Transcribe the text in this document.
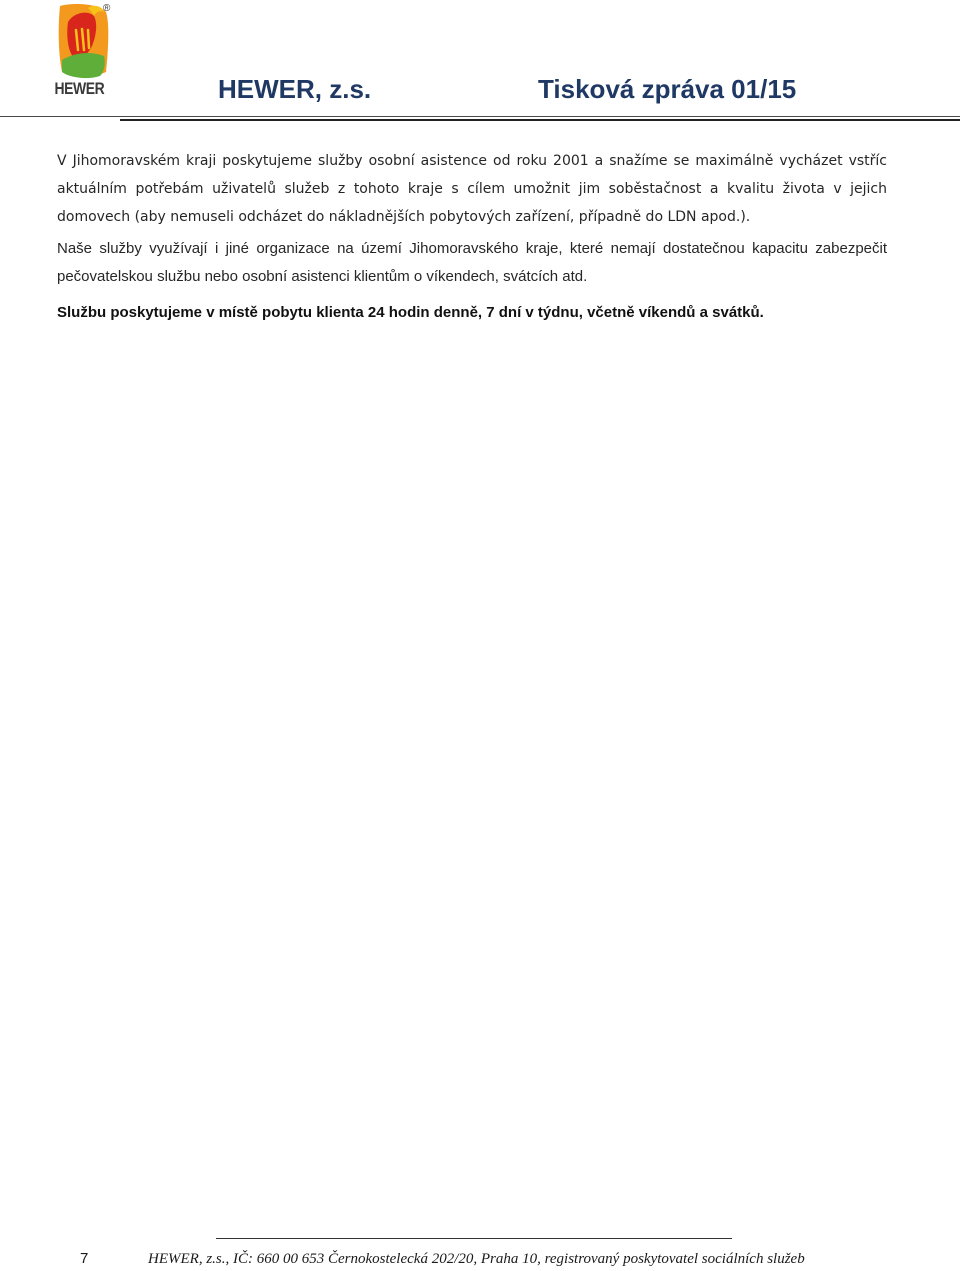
HEWER
®
HEWER, z.s.	Tisková zpráva 01/15

V Jihomoravském kraji poskytujeme služby osobní asistence od roku 2001 a snažíme se maximálně vycházet vstříc aktuálním potřebám uživatelů služeb z tohoto kraje s cílem umožnit jim soběstačnost a kvalitu života v jejich domovech (aby nemuseli odcházet do nákladnějších pobytových zařízení, případně do LDN apod.).

Naše služby využívají i jiné organizace na území Jihomoravského kraje, které nemají dostatečnou kapacitu zabezpečit pečovatelskou službu nebo osobní asistenci klientům o víkendech, svátcích atd.

Službu poskytujeme v místě pobytu klienta 24 hodin denně, 7 dní v týdnu, včetně víkendů a svátků.

7	HEWER, z.s., IČ: 660 00 653 Černokostelecká 202/20, Praha 10, registrovaný poskytovatel sociálních služeb
